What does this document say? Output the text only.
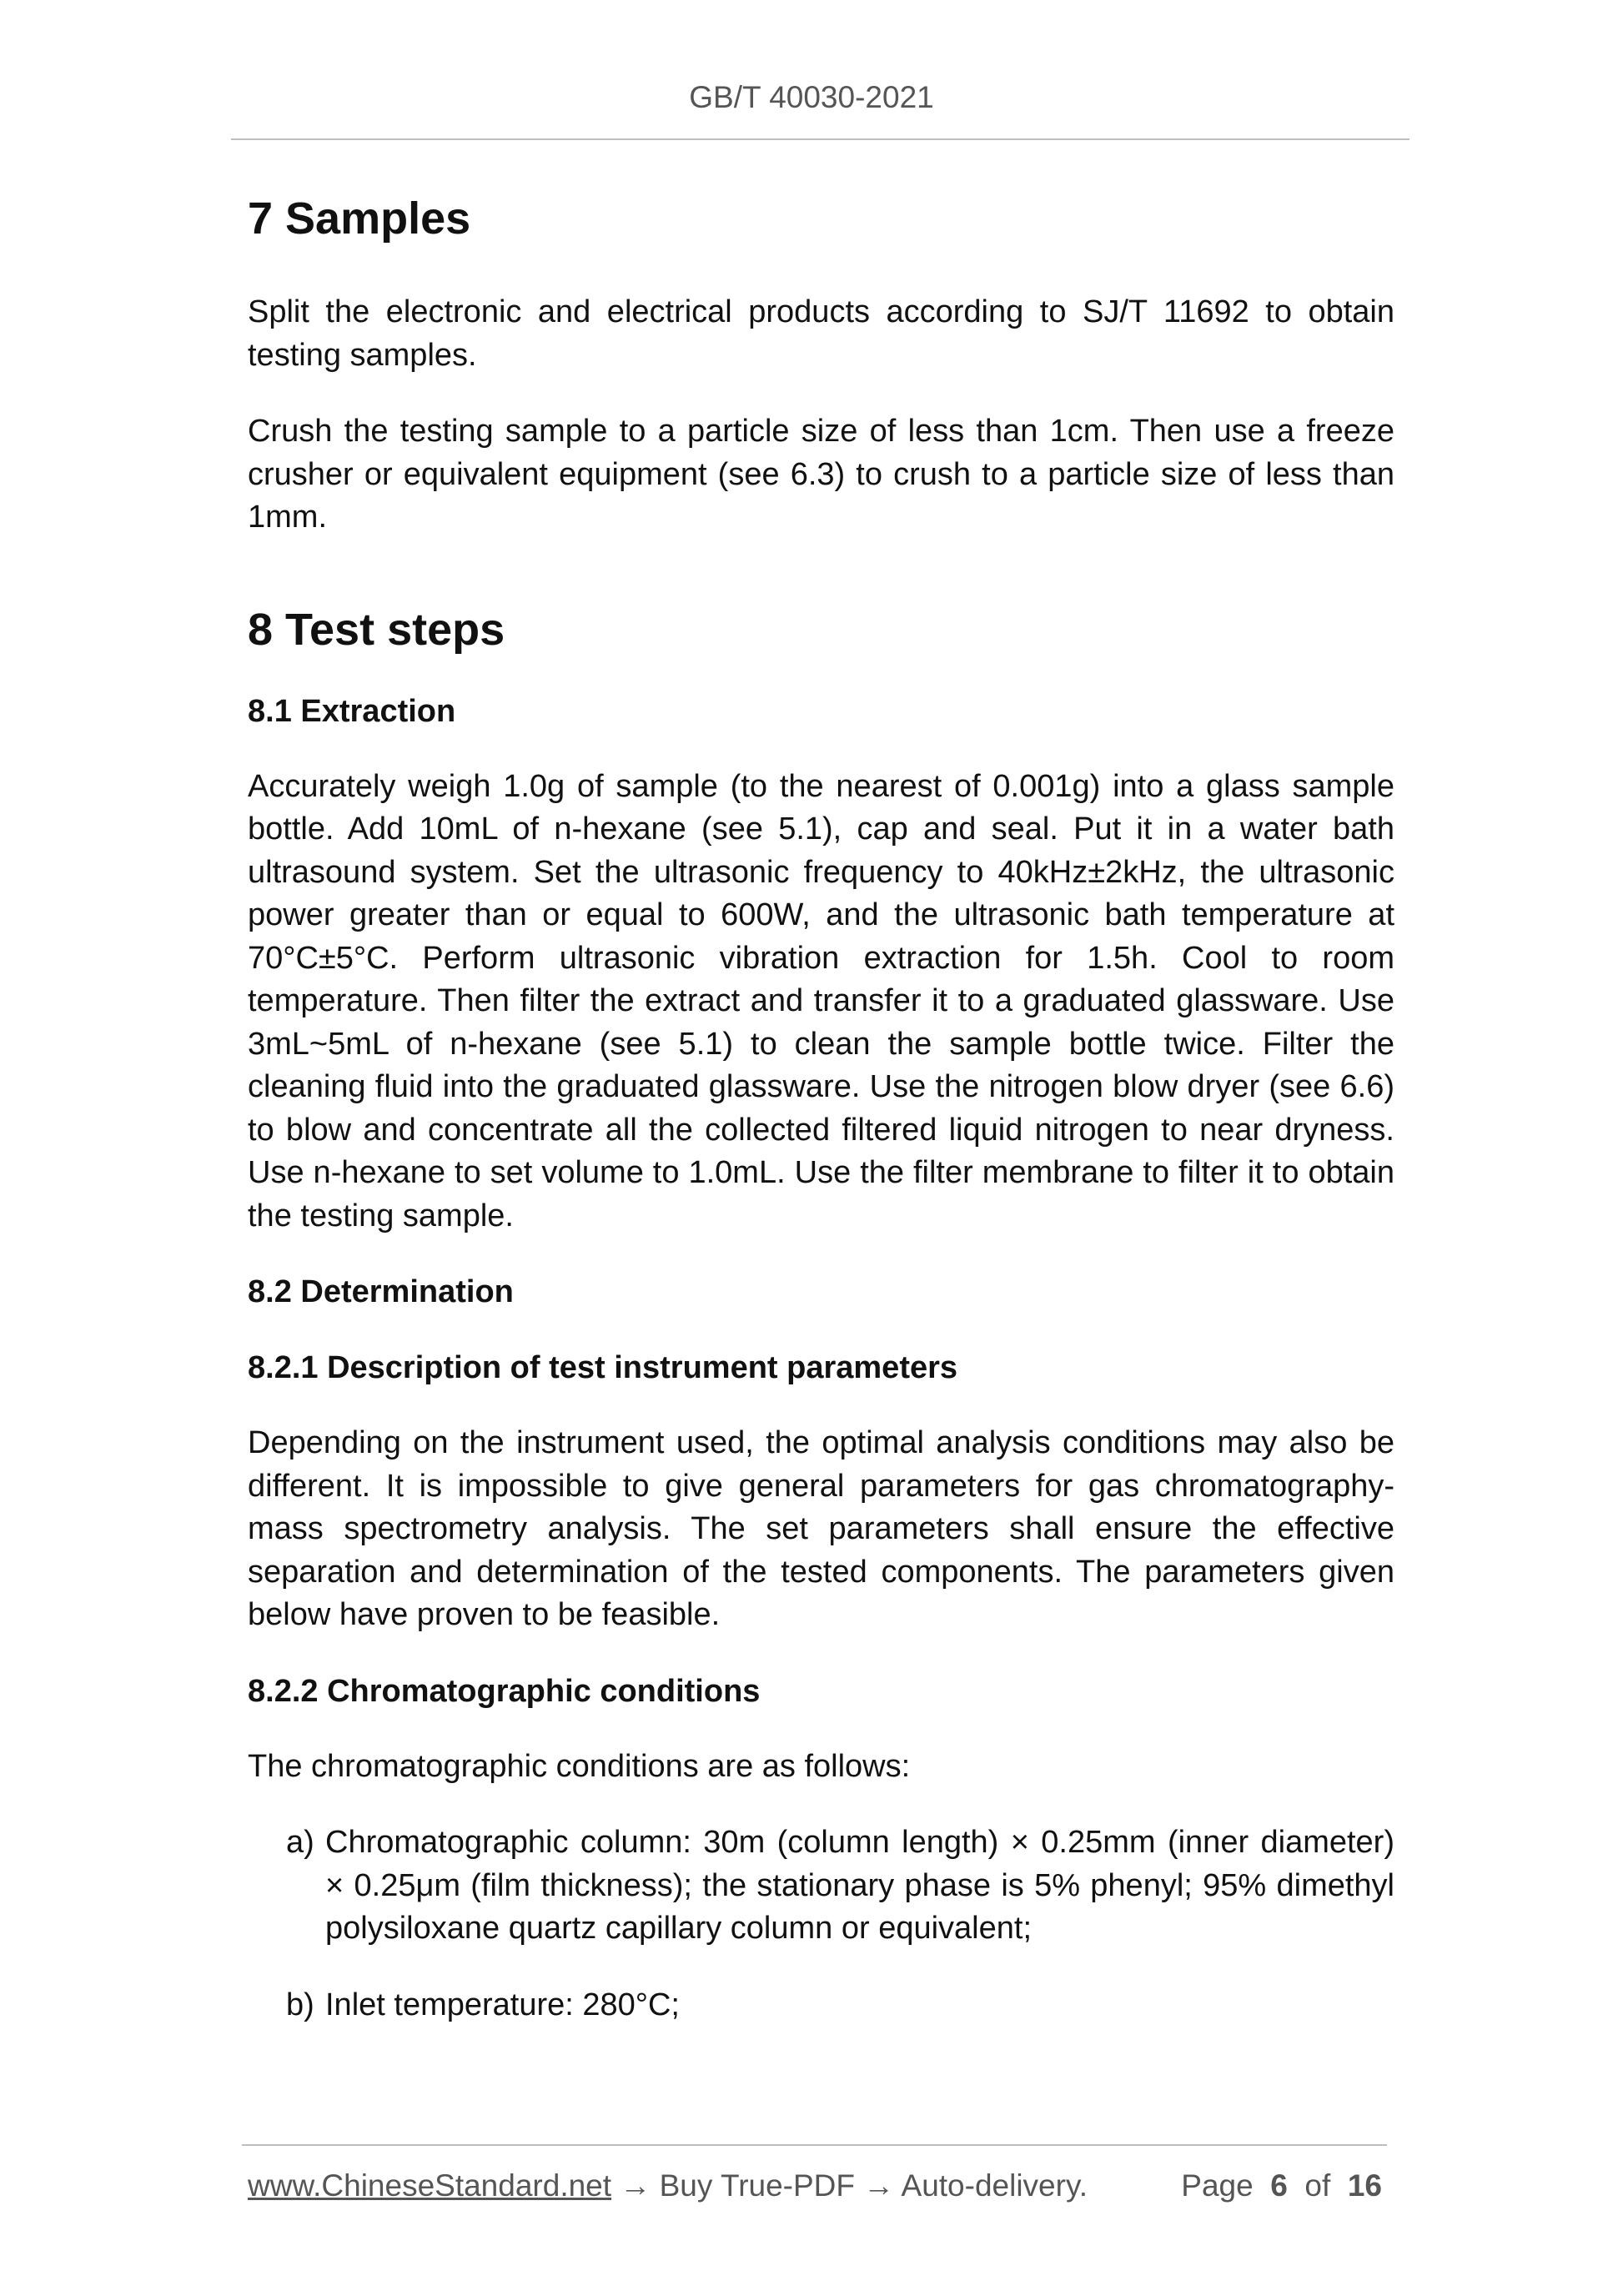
GB/T 40030-2021
7 Samples

Split the electronic and electrical products according to SJ/T 11692 to obtain testing samples.

Crush the testing sample to a particle size of less than 1cm. Then use a freeze crusher or equivalent equipment (see 6.3) to crush to a particle size of less than 1mm.

8 Test steps
8.1 Extraction

Accurately weigh 1.0g of sample (to the nearest of 0.001g) into a glass sample bottle. Add 10mL of n-hexane (see 5.1), cap and seal. Put it in a water bath ultrasound system. Set the ultrasonic frequency to 40kHz±2kHz, the ultrasonic power greater than or equal to 600W, and the ultrasonic bath temperature at 70°C±5°C. Perform ultrasonic vibration extraction for 1.5h. Cool to room temperature. Then filter the extract and transfer it to a graduated glassware. Use 3mL~5mL of n-hexane (see 5.1) to clean the sample bottle twice. Filter the cleaning fluid into the graduated glassware. Use the nitrogen blow dryer (see 6.6) to blow and concentrate all the collected filtered liquid nitrogen to near dryness. Use n-hexane to set volume to 1.0mL. Use the filter membrane to filter it to obtain the testing sample.

8.2 Determination
8.2.1 Description of test instrument parameters

Depending on the instrument used, the optimal analysis conditions may also be different. It is impossible to give general parameters for gas chromatography-mass spectrometry analysis. The set parameters shall ensure the effective separation and determination of the tested components. The parameters given below have proven to be feasible.

8.2.2 Chromatographic conditions

The chromatographic conditions are as follows:

a) Chromatographic column: 30m (column length) × 0.25mm (inner diameter) × 0.25μm (film thickness); the stationary phase is 5% phenyl; 95% dimethyl polysiloxane quartz capillary column or equivalent;
b) Inlet temperature: 280°C;
www.ChineseStandard.net → Buy True-PDF → Auto-delivery.	Page 6 of 16
